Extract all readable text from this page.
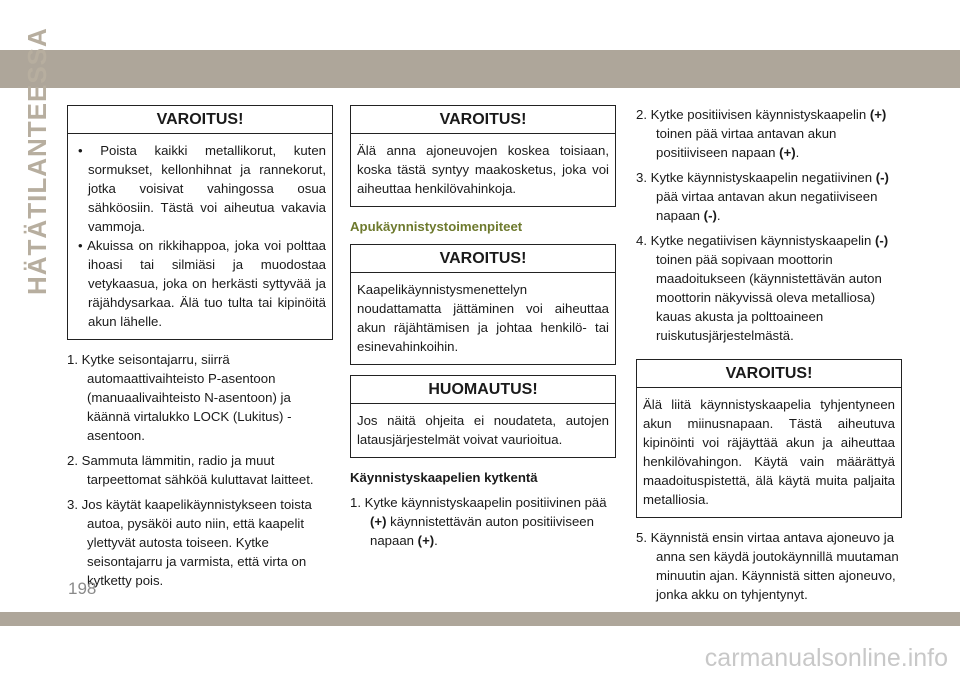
HÄTÄTILANTEESSA	VAROITUS!

• Poista kaikki metallikorut, kuten sormukset, kellonhihnat ja rannekorut, jotka voisivat vahingossa osua sähköosiin. Tästä voi aiheutua vakavia vammoja.

• Akuissa on rikkihappoa, joka voi polttaa ihoasi tai silmiäsi ja muodostaa vetykaasua, joka on herkästi syttyvää ja räjähdysarkaa. Älä tuo tulta tai kipinöitä akun lähelle.

1. Kytke seisontajarru, siirrä automaattivaihteisto P-asentoon (manuaalivaihteisto N-asentoon) ja käännä virtalukko LOCK (Lukitus) -asentoon.

2. Sammuta lämmitin, radio ja muut tarpeettomat sähköä kuluttavat laitteet.

3. Jos käytät kaapelikäynnistykseen toista autoa, pysäköi auto niin, että kaapelit ylettyvät autosta toiseen. Kytke seisontajarru ja varmista, että virta on kytketty pois.

VAROITUS!
Älä anna ajoneuvojen koskea toisiaan, koska tästä syntyy maakosketus, joka voi aiheuttaa henkilövahinkoja.
Apukäynnistystoimenpiteet
VAROITUS!
Kaapelikäynnistysmenettelyn noudattamatta jättäminen voi aiheuttaa akun räjähtämisen ja johtaa henkilö- tai esinevahinkoihin.
HUOMAUTUS!
Jos näitä ohjeita ei noudateta, autojen latausjärjestelmät voivat vaurioitua.
Käynnistyskaapelien kytkentä

1. Kytke käynnistyskaapelin positiivinen pää (+) käynnistettävän auton positiiviseen napaan (+).

2. Kytke positiivisen käynnistyskaapelin (+) toinen pää virtaa antavan akun positiiviseen napaan (+).

3. Kytke käynnistyskaapelin negatiivinen (-) pää virtaa antavan akun negatiiviseen napaan (-).

4. Kytke negatiivisen käynnistyskaapelin (-) toinen pää sopivaan moottorin maadoitukseen (käynnistettävän auton moottorin näkyvissä oleva metalliosa) kauas akusta ja polttoaineen ruiskutusjärjestelmästä.

VAROITUS!
Älä liitä käynnistyskaapelia tyhjentyneen akun miinusnapaan. Tästä aiheutuva kipinöinti voi räjäyttää akun ja aiheuttaa henkilövahingon. Käytä vain määrättyä maadoituspistettä, älä käytä muita paljaita metalliosia.

5. Käynnistä ensin virtaa antava ajoneuvo ja anna sen käydä joutokäynnillä muutaman minuutin ajan. Käynnistä sitten ajoneuvo, jonka akku on tyhjentynyt.

198
carmanualsonline.info
